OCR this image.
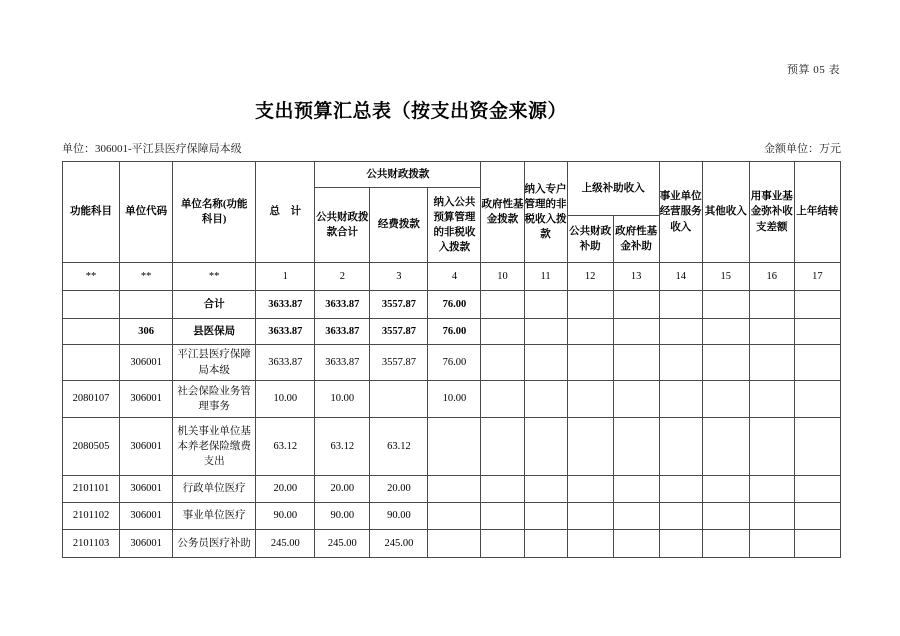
预算 05 表
支出预算汇总表（按支出资金来源）
单位：306001-平江县医疗保障局本级	金额单位：万元
功能科目	单位代码	单位名称(功能科目)	总　计	公共财政拨款			政府性基金拨款	纳入专户管理的非税收入拨款	上级补助收入		事业单位经营服务收入	其他收入	用事业基金弥补收支差额	上年结转
				公共财政拨款合计	经费拨款	纳入公共预算管理的非税收入拨款								
									公共财政补助	政府性基金补助				
**	**	**	1	2	3	4	10	11	12	13	14	15	16	17
		合计	3633.87	3633.87	3557.87	76.00								
	306	县医保局	3633.87	3633.87	3557.87	76.00								
	306001	平江县医疗保障局本级	3633.87	3633.87	3557.87	76.00								
2080107	306001	社会保险业务管理事务	10.00	10.00		10.00								
2080505	306001	机关事业单位基本养老保险缴费支出	63.12	63.12	63.12									
2101101	306001	行政单位医疗	20.00	20.00	20.00									
2101102	306001	事业单位医疗	90.00	90.00	90.00									
2101103	306001	公务员医疗补助	245.00	245.00	245.00									
